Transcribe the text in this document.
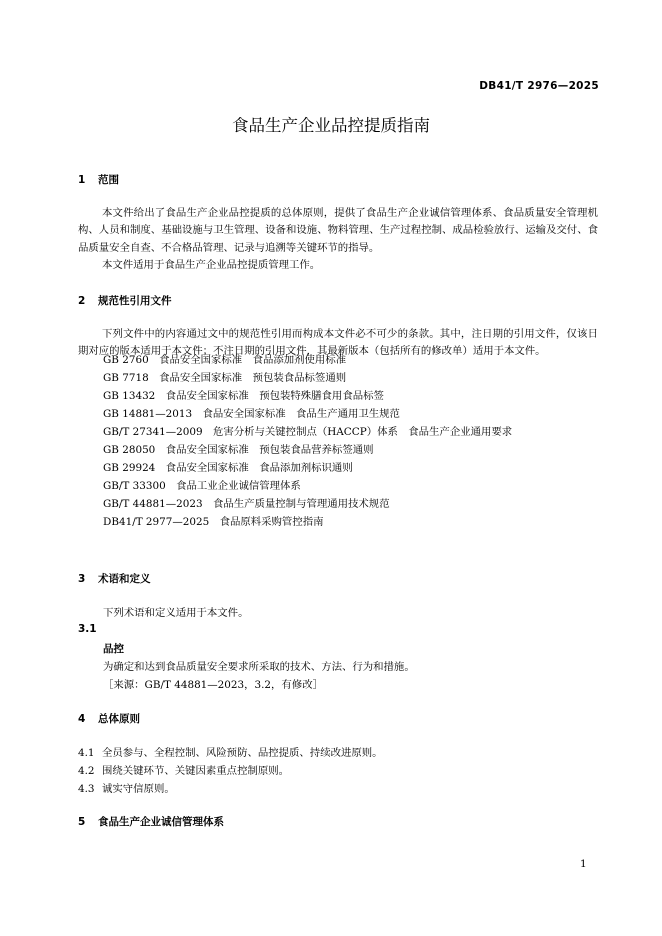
DB41/T 2976—2025
食品生产企业品控提质指南
1 范围
本文件给出了食品生产企业品控提质的总体原则，提供了食品生产企业诚信管理体系、食品质量安全管理机构、人员和制度、基础设施与卫生管理、设备和设施、物料管理、生产过程控制、成品检验放行、运输及交付、食品质量安全自查、不合格品管理、记录与追溯等关键环节的指导。
本文件适用于食品生产企业品控提质管理工作。
2 规范性引用文件
下列文件中的内容通过文中的规范性引用而构成本文件必不可少的条款。其中，注日期的引用文件，仅该日期对应的版本适用于本文件；不注日期的引用文件，其最新版本（包括所有的修改单）适用于本文件。
GB 2760　食品安全国家标准　食品添加剂使用标准
GB 7718　食品安全国家标准　预包装食品标签通则
GB 13432　食品安全国家标准　预包装特殊膳食用食品标签
GB 14881—2013　食品安全国家标准　食品生产通用卫生规范
GB/T 27341—2009　危害分析与关键控制点（HACCP）体系　食品生产企业通用要求
GB 28050　食品安全国家标准　预包装食品营养标签通则
GB 29924　食品安全国家标准　食品添加剂标识通则
GB/T 33300　食品工业企业诚信管理体系
GB/T 44881—2023　食品生产质量控制与管理通用技术规范
DB41/T 2977—2025　食品原料采购管控指南
3 术语和定义
下列术语和定义适用于本文件。
3.1
品控
为确定和达到食品质量安全要求所采取的技术、方法、行为和措施。
［来源：GB/T 44881—2023，3.2，有修改］
4 总体原则
4.1 全员参与、全程控制、风险预防、品控提质、持续改进原则。
4.2 围绕关键环节、关键因素重点控制原则。
4.3 诚实守信原则。
5 食品生产企业诚信管理体系
1
